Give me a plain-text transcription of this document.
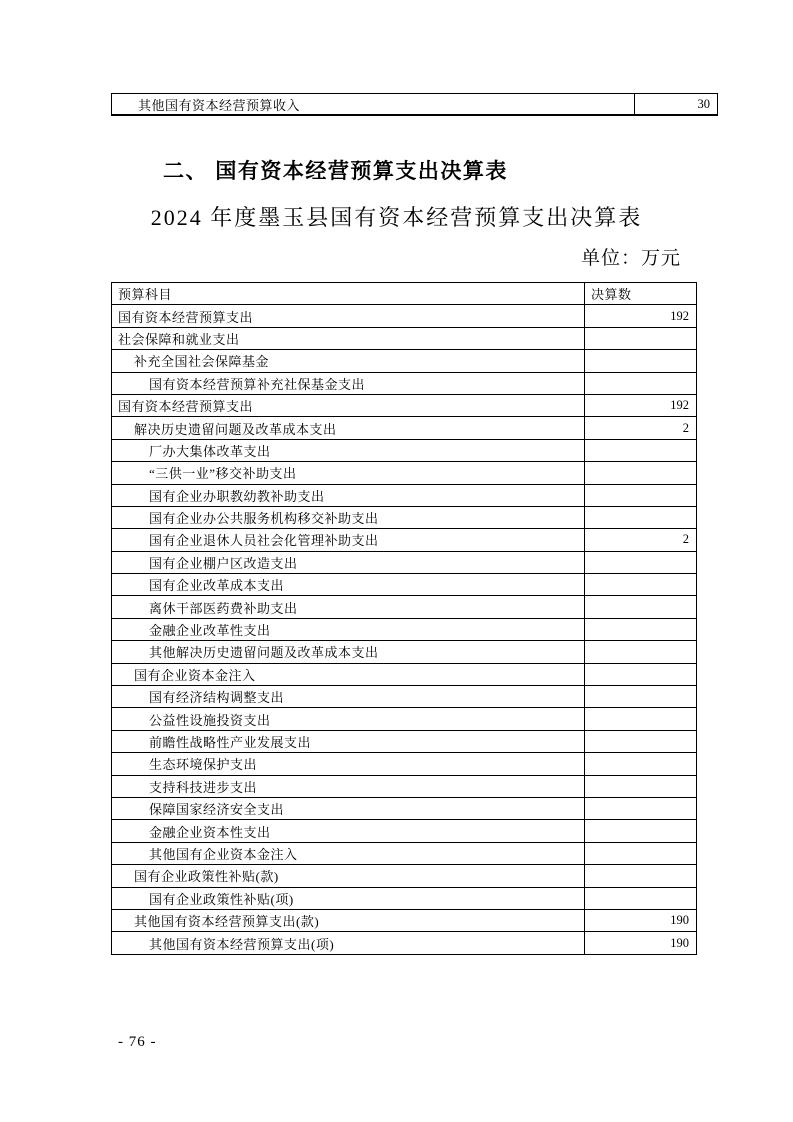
其他国有资本经营预算收入	30
二、 国有资本经营预算支出决算表
2024 年度墨玉县国有资本经营预算支出决算表
单位：万元
预算科目	决算数
国有资本经营预算支出	192
社会保障和就业支出	
补充全国社会保障基金	
国有资本经营预算补充社保基金支出	
国有资本经营预算支出	192
解决历史遗留问题及改革成本支出	2
厂办大集体改革支出	
“三供一业”移交补助支出	
国有企业办职教幼教补助支出	
国有企业办公共服务机构移交补助支出	
国有企业退休人员社会化管理补助支出	2
国有企业棚户区改造支出	
国有企业改革成本支出	
离休干部医药费补助支出	
金融企业改革性支出	
其他解决历史遗留问题及改革成本支出	
国有企业资本金注入	
国有经济结构调整支出	
公益性设施投资支出	
前瞻性战略性产业发展支出	
生态环境保护支出	
支持科技进步支出	
保障国家经济安全支出	
金融企业资本性支出	
其他国有企业资本金注入	
国有企业政策性补贴(款)	
国有企业政策性补贴(项)	
其他国有资本经营预算支出(款)	190
其他国有资本经营预算支出(项)	190
- 76 -
